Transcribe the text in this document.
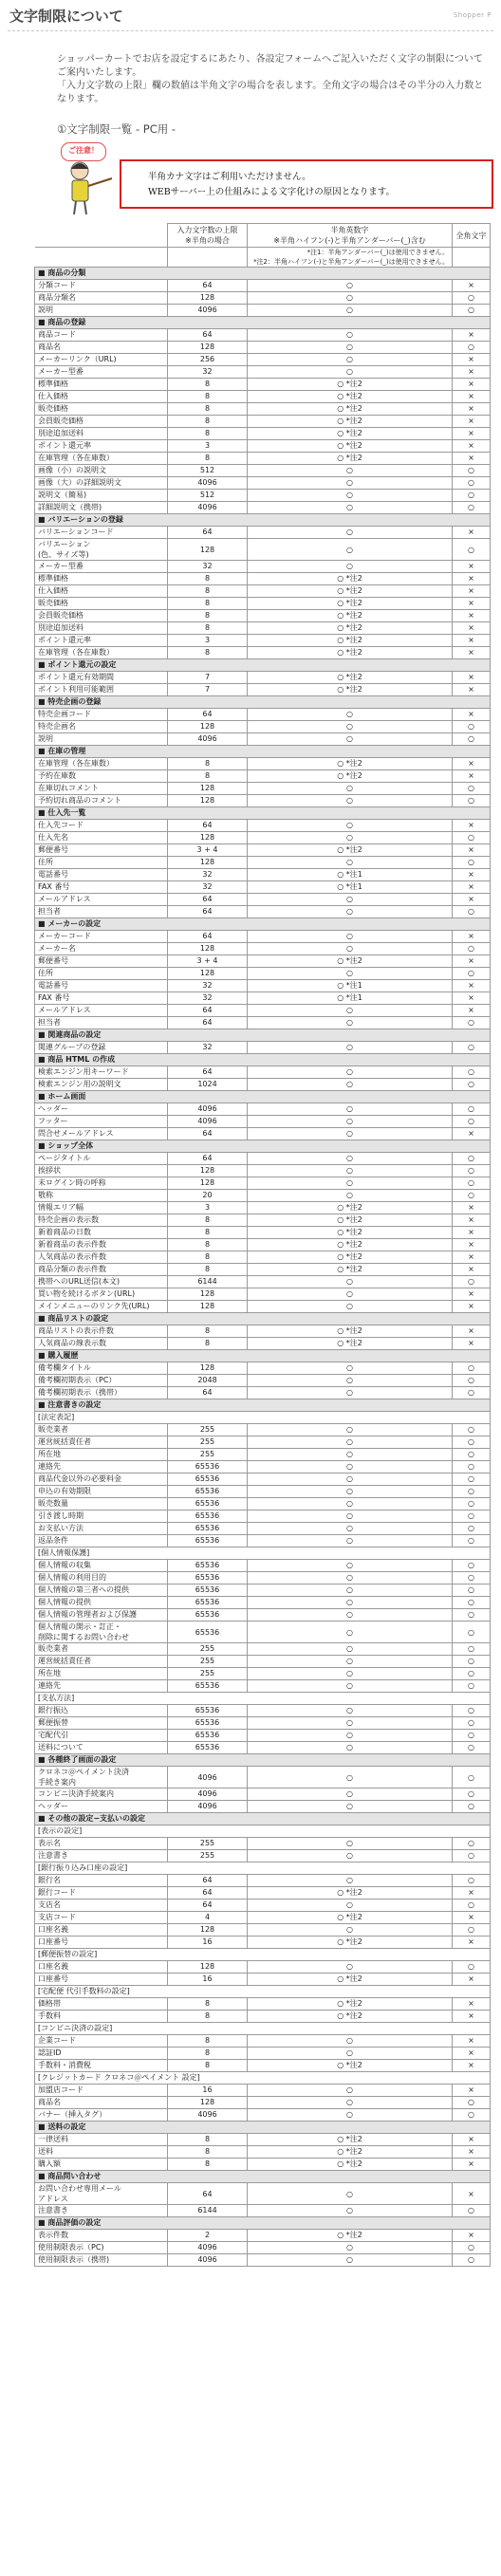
文字制限について	Shopper P

ショッパーカートでお店を設定するにあたり、各設定フォームへご記入いただく文字の制限についてご案内いたします。

「入力文字数の上限」欄の数値は半角文字の場合を表します。全角文字の場合はその半分の入力数となります。

①文字制限一覧 - PC用 -
ご注意！
半角カナ文字はご利用いただけません。
WEBサーバー上の仕組みによる文字化けの原因となります。
	入力文字数の上限
※半角の場合	半角英数字
※半角ハイフン(-)と半角アンダーバー(_)含む	全角文字

		*注1：半角アンダーバー(_)は使用できません。
*注2：半角ハイフン(-)と半角アンダーバー(_)は使用できません。	

■ 商品の分類			
分類コード	64	○	×
商品分類名	128	○	○
説明	4096	○	○
■ 商品の登録			
商品コード	64	○	×
商品名	128	○	○
メーカーリンク（URL)	256	○	×
メーカー型番	32	○	×
標準価格	8	○ *注2	×
仕入価格	8	○ *注2	×
販売価格	8	○ *注2	×
会員販売価格	8	○ *注2	×
別途追加送料	8	○ *注2	×
ポイント還元率	3	○ *注2	×
在庫管理（各在庫数）	8	○ *注2	×
画像（小）の説明文	512	○	○
画像（大）の詳細説明文	4096	○	○
説明文（簡易)	512	○	○
詳細説明文（携帯)	4096	○	○
■ バリエーションの登録			
バリエーションコード	64	○	×
バリエーション
(色、サイズ等)	128	○	○
メーカー型番	32	○	×
標準価格	8	○ *注2	×
仕入価格	8	○ *注2	×
販売価格	8	○ *注2	×
会員販売価格	8	○ *注2	×
別途追加送料	8	○ *注2	×
ポイント還元率	3	○ *注2	×
在庫管理（各在庫数）	8	○ *注2	×
■ ポイント還元の設定			
ポイント還元有効期間	7	○ *注2	×
ポイント利用可能範囲	7	○ *注2	×
■ 特売企画の登録			
特売企画コード	64	○	×
特売企画名	128	○	○
説明	4096	○	○
■ 在庫の管理			
在庫管理（各在庫数）	8	○ *注2	×
予約在庫数	8	○ *注2	×
在庫切れコメント	128	○	○
予約切れ商品のコメント	128	○	○
■ 仕入先一覧			
仕入先コード	64	○	×
仕入先名	128	○	○
郵便番号	3 + 4	○ *注2	×
住所	128	○	○
電話番号	32	○ *注1	×
FAX 番号	32	○ *注1	×
メールアドレス	64	○	×
担当者	64	○	○
■ メーカーの設定			
メーカーコード	64	○	×
メーカー名	128	○	○
郵便番号	3 + 4	○ *注2	×
住所	128	○	○
電話番号	32	○ *注1	×
FAX 番号	32	○ *注1	×
メールアドレス	64	○	×
担当者	64	○	○
■ 関連商品の設定			
関連グループの登録	32	○	○
■ 商品 HTML の作成			
検索エンジン用キーワード	64	○	○
検索エンジン用の説明文	1024	○	○
■ ホーム画面			
ヘッダー	4096	○	○
フッター	4096	○	○
問合せメールアドレス	64	○	×
■ ショップ全体			
ページタイトル	64	○	○
挨拶状	128	○	○
未ログイン時の呼称	128	○	○
敬称	20	○	○
情報エリア幅	3	○ *注2	×
特売企画の表示数	8	○ *注2	×
新着商品の日数	8	○ *注2	×
新着商品の表示件数	8	○ *注2	×
人気商品の表示件数	8	○ *注2	×
商品分類の表示件数	8	○ *注2	×
携帯へのURL送信(本文)	6144	○	○
買い物を続けるボタン(URL)	128	○	×
メインメニューのリンク先(URL)	128	○	×
■ 商品リストの設定			
商品リストの表示件数	8	○ *注2	×
人気商品の線表示数	8	○ *注2	×
■ 購入履歴			
備考欄タイトル	128	○	○
備考欄初期表示（PC）	2048	○	○
備考欄初期表示（携帯）	64	○	○
■ 注意書きの設定			
[法定表記]			
販売業者	255	○	○
運営統括責任者	255	○	○
所在地	255	○	○
連絡先	65536	○	○
商品代金以外の必要料金	65536	○	○
申込の有効期限	65536	○	○
販売数量	65536	○	○
引き渡し時期	65536	○	○
お支払い方法	65536	○	○
返品条件	65536	○	○
[個人情報保護]			
個人情報の収集	65536	○	○
個人情報の利用目的	65536	○	○
個人情報の第三者への提供	65536	○	○
個人情報の提供	65536	○	○
個人情報の管理者および保護	65536	○	○
個人情報の開示・訂正・
削除に関するお問い合わせ	65536	○	○
販売業者	255	○	○
運営統括責任者	255	○	○
所在地	255	○	○
連絡先	65536	○	○
[支払方法]			
銀行振込	65536	○	○
郵便振替	65536	○	○
宅配代引	65536	○	○
送料について	65536	○	○
■ 各種終了画面の設定			
クロネコ＠ペイメント決済
手続き案内	4096	○	○
コンビニ決済手続案内	4096	○	○
ヘッダー	4096	○	○
■ その他の設定−支払いの設定			
[表示の設定]			
表示名	255	○	○
注意書き	255	○	○
[銀行振り込み口座の設定]			
銀行名	64	○	○
銀行コード	64	○ *注2	×
支店名	64	○	○
支店コード	4	○ *注2	×
口座名義	128	○	○
口座番号	16	○ *注2	×
[郵便振替の設定]			
口座名義	128	○	○
口座番号	16	○ *注2	×
[宅配便 代引手数料の設定]			
価格帯	8	○ *注2	×
手数料	8	○ *注2	×
[コンビニ決済の設定]			
企業コード	8	○	×
認証ID	8	○	×
手数料・消費税	8	○ *注2	×
[クレジットカード クロネコ＠ペイメント 設定]			
加盟店コード	16	○	×
商品名	128	○	○
バナー（挿入タグ）	4096	○	○
■ 送料の設定			
一律送料	8	○ *注2	×
送料	8	○ *注2	×
購入額	8	○ *注2	×
■ 商品問い合わせ			
お問い合わせ専用メール
アドレス	64	○	×
注意書き	6144	○	○
■ 商品評価の設定			
表示件数	2	○ *注2	×
使用制限表示（PC)	4096	○	○
使用制限表示（携帯)	4096	○	○
